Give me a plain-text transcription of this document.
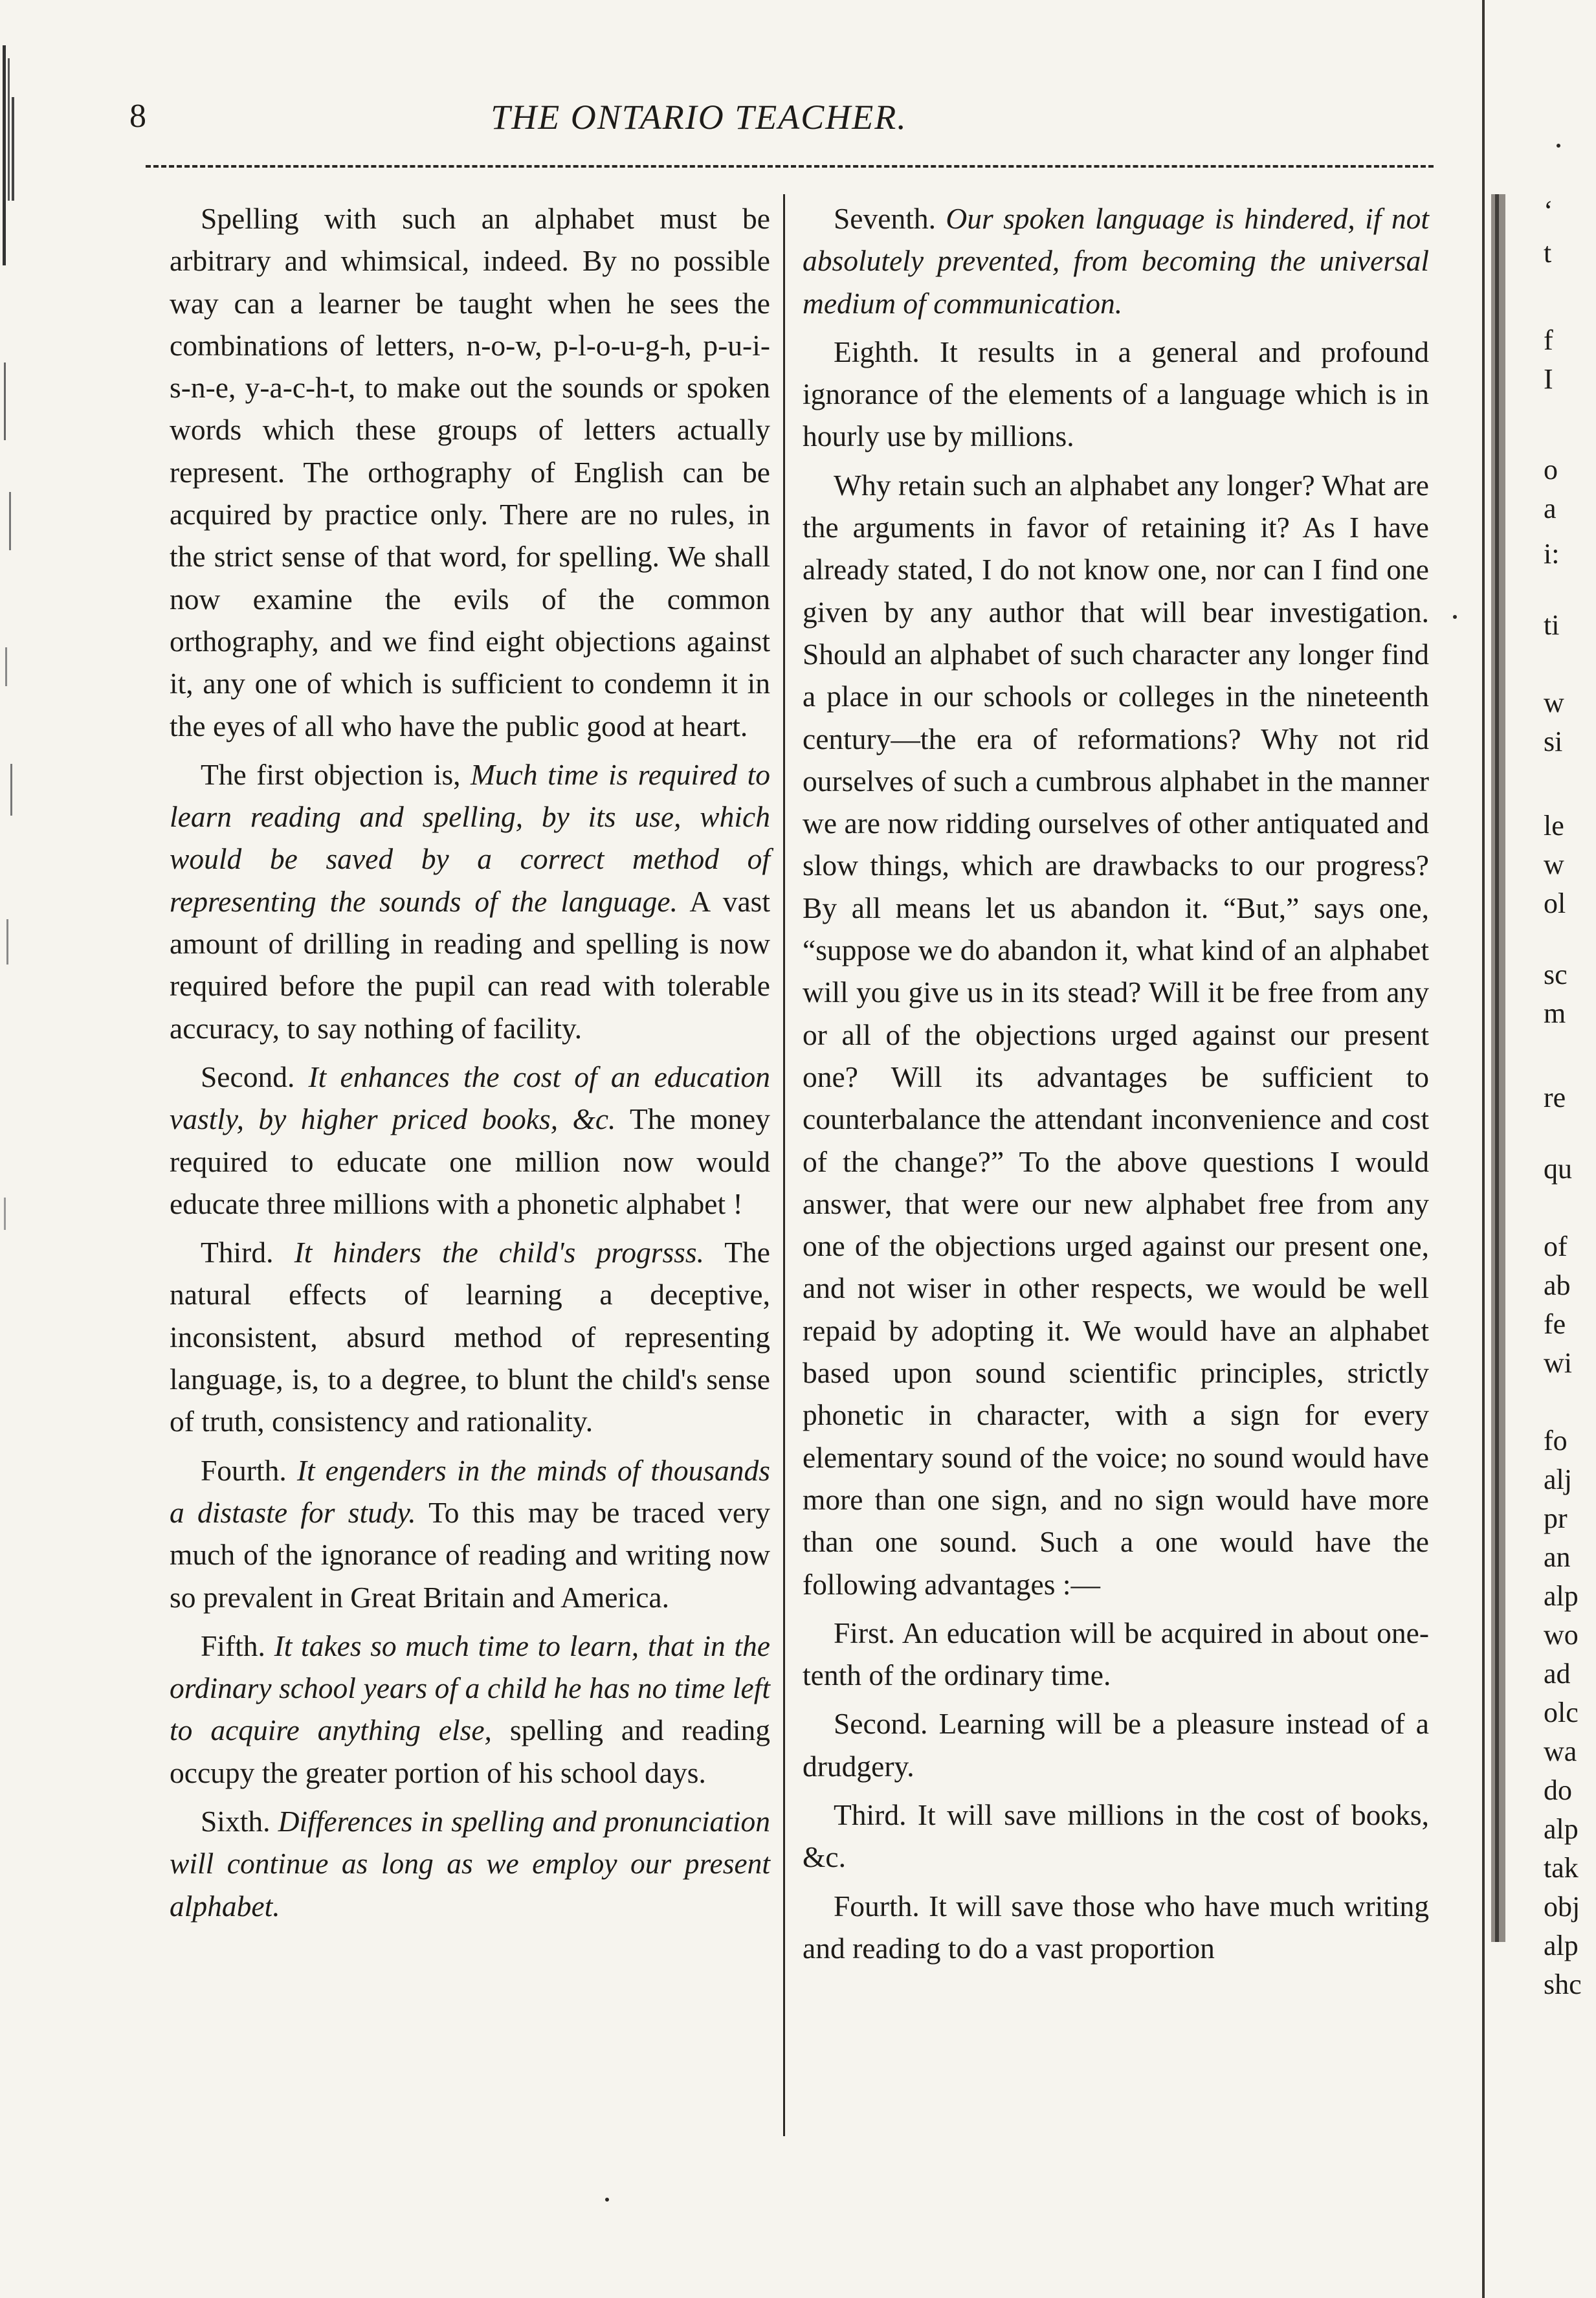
8	THE ONTARIO TEACHER.

Spelling with such an alphabet must be arbitrary and whimsical, indeed. By no possible way can a learner be taught when he sees the combinations of letters, n-o-w, p-l-o-u-g-h, p-u-i-s-n-e, y-a-c-h-t, to make out the sounds or spoken words which these groups of letters actually represent. The orthography of English can be acquired by practice only. There are no rules, in the strict sense of that word, for spelling. We shall now examine the evils of the common orthography, and we find eight objections against it, any one of which is sufficient to condemn it in the eyes of all who have the public good at heart.

The first objection is, Much time is required to learn reading and spelling, by its use, which would be saved by a correct method of representing the sounds of the language. A vast amount of drilling in reading and spelling is now required before the pupil can read with tolerable accuracy, to say nothing of facility.

Second. It enhances the cost of an education vastly, by higher priced books, &c. The money required to educate one million now would educate three millions with a phonetic alphabet !

Third. It hinders the child's progrsss. The natural effects of learning a deceptive, inconsistent, absurd method of representing language, is, to a degree, to blunt the child's sense of truth, consistency and rationality.

Fourth. It engenders in the minds of thousands a distaste for study. To this may be traced very much of the ignorance of reading and writing now so prevalent in Great Britain and America.

Fifth. It takes so much time to learn, that in the ordinary school years of a child he has no time left to acquire anything else, spelling and reading occupy the greater portion of his school days.

Sixth. Differences in spelling and pronunciation will continue as long as we employ our present alphabet.

Seventh. Our spoken language is hindered, if not absolutely prevented, from becoming the universal medium of communication.

Eighth. It results in a general and profound ignorance of the elements of a language which is in hourly use by millions.

Why retain such an alphabet any longer? What are the arguments in favor of retaining it? As I have already stated, I do not know one, nor can I find one given by any author that will bear investigation. Should an alphabet of such character any longer find a place in our schools or colleges in the nineteenth century—the era of reformations? Why not rid ourselves of such a cumbrous alphabet in the manner we are now ridding ourselves of other antiquated and slow things, which are drawbacks to our progress? By all means let us abandon it. “But,” says one, “suppose we do abandon it, what kind of an alphabet will you give us in its stead? Will it be free from any or all of the objections urged against our present one? Will its advantages be sufficient to counterbalance the attendant inconvenience and cost of the change?” To the above questions I would answer, that were our new alphabet free from any one of the objections urged against our present one, and not wiser in other respects, we would be well repaid by adopting it. We would have an alphabet based upon sound scientific principles, strictly phonetic in character, with a sign for every elementary sound of the voice; no sound would have more than one sign, and no sign would have more than one sound. Such a one would have the following advantages :—

First. An education will be acquired in about one-tenth of the ordinary time.

Second. Learning will be a pleasure instead of a drudgery.

Third. It will save millions in the cost of books, &c.

Fourth. It will save those who have much writing and reading to do a vast proportion

‘
t
f
I
o
a
i:
ti
w
si
le
w
ol
sc
m
re
qu
of
ab
fe
wi
fo
alj
pr
an
alp
wo
ad
olc
wa
do
alp
tak
obj
alp
shc
